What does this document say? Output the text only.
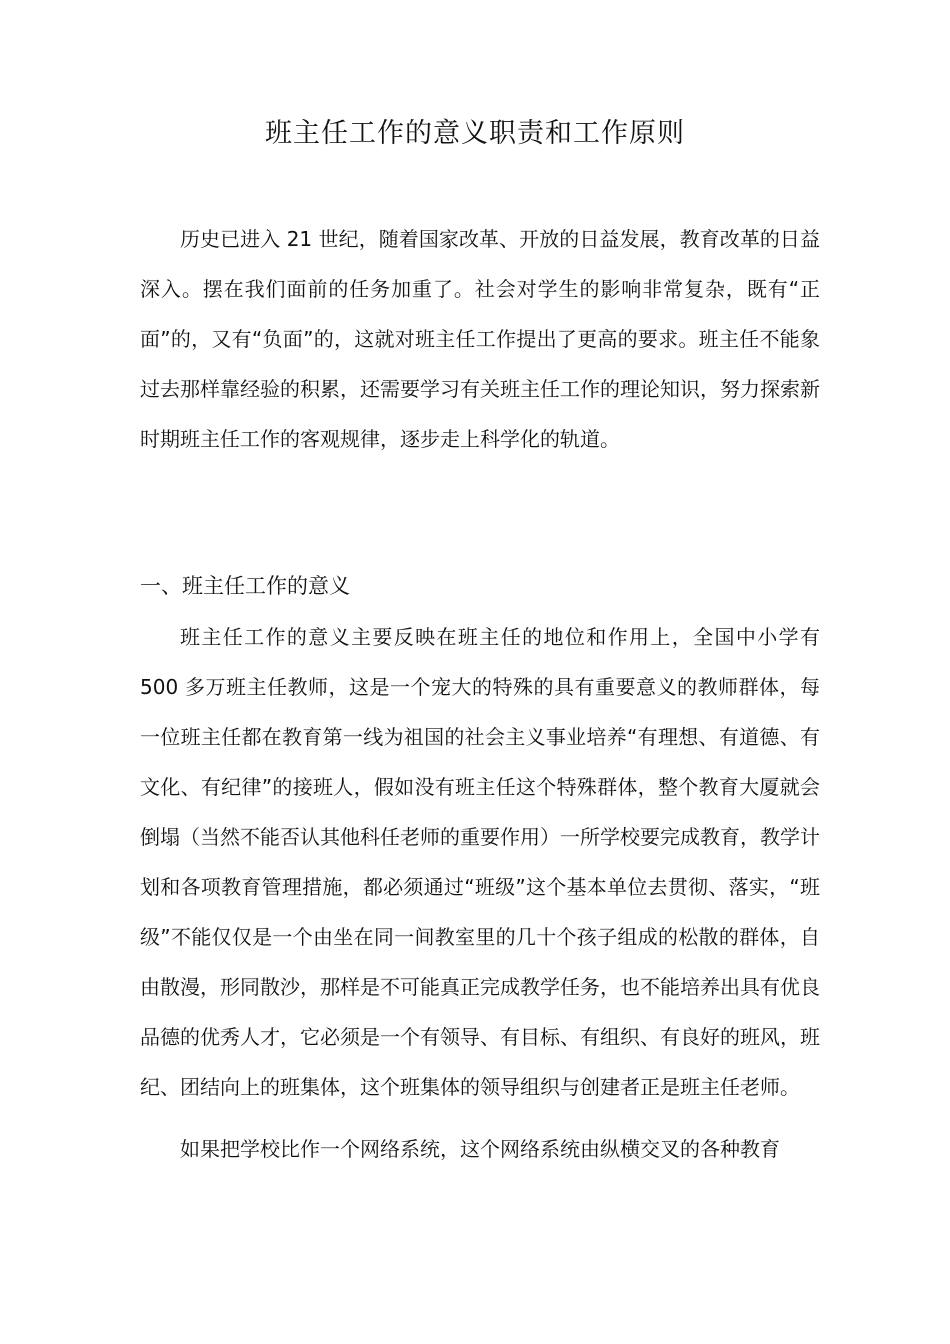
班主任工作的意义职责和工作原则

历史已进入 21 世纪，随着国家改革、开放的日益发展，教育改革的日益深入。摆在我们面前的任务加重了。社会对学生的影响非常复杂，既有“正面”的，又有“负面”的，这就对班主任工作提出了更高的要求。班主任不能象过去那样靠经验的积累，还需要学习有关班主任工作的理论知识，努力探索新时期班主任工作的客观规律，逐步走上科学化的轨道。

一、班主任工作的意义

班主任工作的意义主要反映在班主任的地位和作用上，全国中小学有 500 多万班主任教师，这是一个宠大的特殊的具有重要意义的教师群体，每一位班主任都在教育第一线为祖国的社会主义事业培养“有理想、有道德、有文化、有纪律”的接班人，假如没有班主任这个特殊群体，整个教育大厦就会倒塌（当然不能否认其他科任老师的重要作用）一所学校要完成教育，教学计划和各项教育管理措施，都必须通过“班级”这个基本单位去贯彻、落实，“班级”不能仅仅是一个由坐在同一间教室里的几十个孩子组成的松散的群体，自由散漫，形同散沙，那样是不可能真正完成教学任务，也不能培养出具有优良品德的优秀人才，它必须是一个有领导、有目标、有组织、有良好的班风，班纪、团结向上的班集体，这个班集体的领导组织与创建者正是班主任老师。

如果把学校比作一个网络系统，这个网络系统由纵横交叉的各种教育
